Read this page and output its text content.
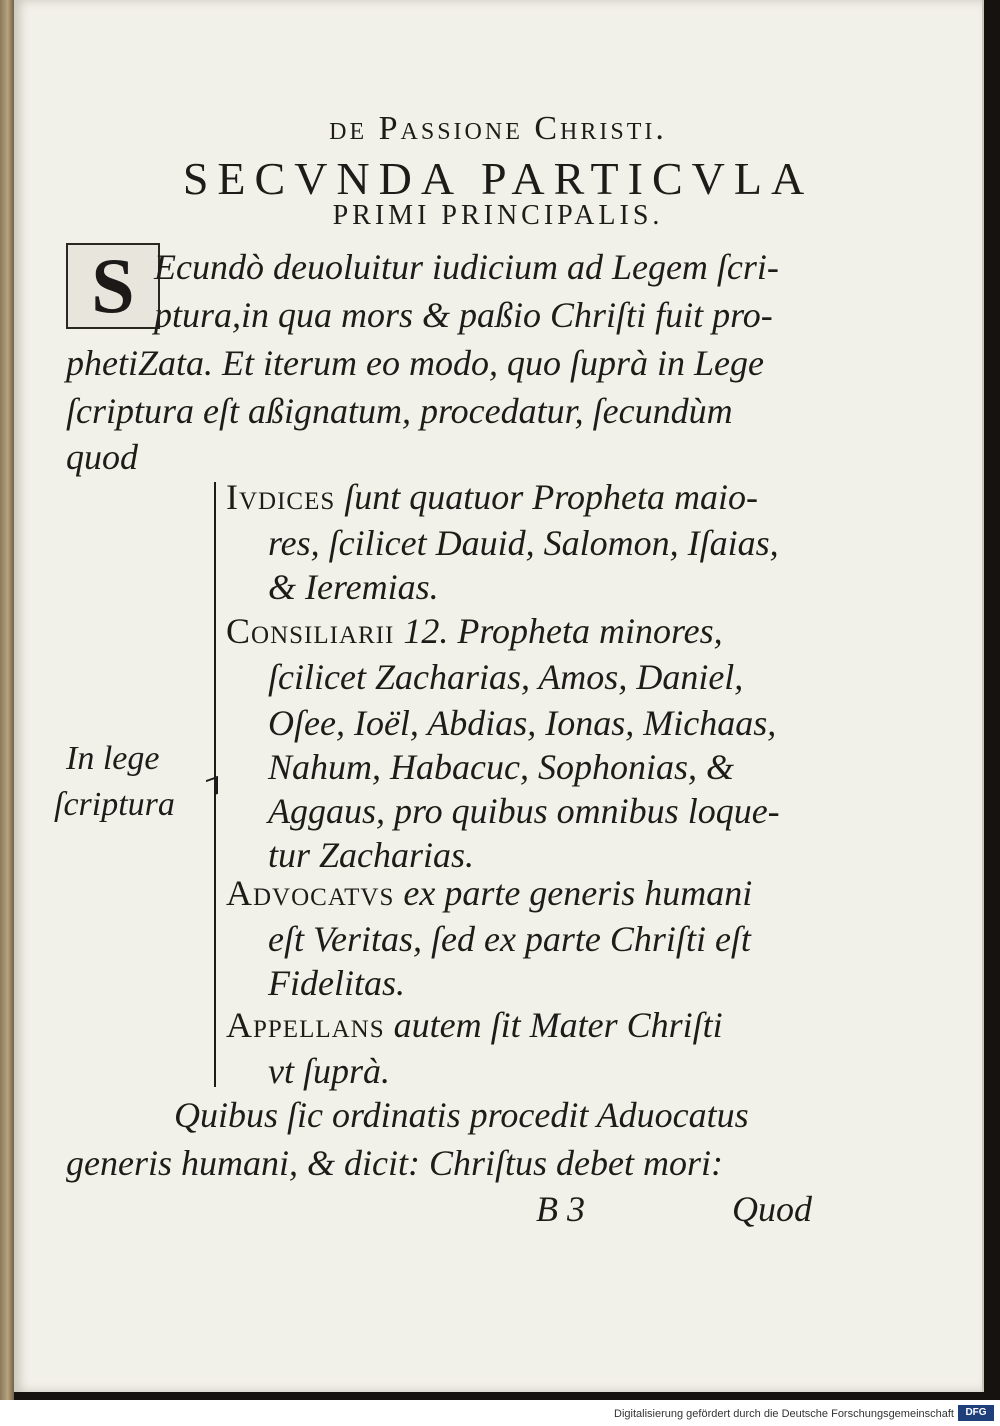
de Passione Christi.
SECVNDA PARTICVLA
PRIMI PRINCIPALIS.
S Ecundò deuoluitur iudicium ad Legem ſcri-
ptura,in qua mors & paßio Chriſti fuit pro-
phetiZata. Et iterum eo modo, quo ſuprà in Lege
ſcriptura eſt aßignatum, procedatur, ſecundùm
quod
In lege
ſcriptura
Ivdices ſunt quatuor Propheta maio-
res, ſcilicet Dauid, Salomon, Iſaias,
& Ieremias.
Consiliarii 12. Propheta minores,
ſcilicet Zacharias, Amos, Daniel,
Oſee, Ioël, Abdias, Ionas, Michaas,
Nahum, Habacuc, Sophonias, &
Aggaus, pro quibus omnibus loque-
tur Zacharias.
Advocatvs ex parte generis humani
eſt Veritas, ſed ex parte Chriſti eſt
Fidelitas.
Appellans autem ſit Mater Chriſti
vt ſuprà.
Quibus ſic ordinatis procedit Aduocatus
generis humani, & dicit: Chriſtus debet mori:
B 3	Quod
Digitalisierung gefördert durch die Deutsche Forschungsgemeinschaft	DFG
